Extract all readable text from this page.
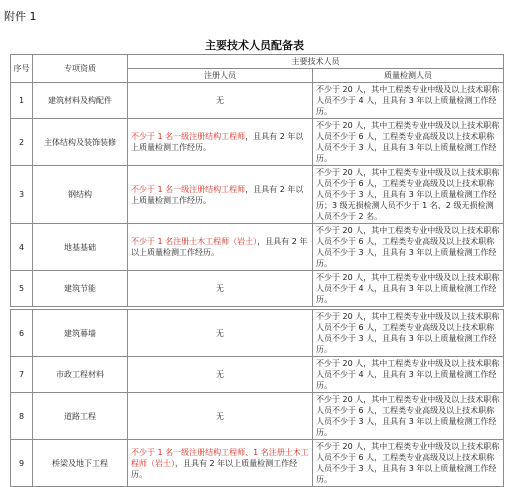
附件 1
主要技术人员配备表
序号	专项资质	主要技术人员	
		注册人员	质量检测人员
1	建筑材料及构配件	无	不少于 20 人，其中工程类专业中级及以上技术职称人员不少于 4 人，且具有 3 年以上质量检测工作经历。
2	主体结构及装饰装修	不少于 1 名一级注册结构工程师，且具有 2 年以上质量检测工作经历。	不少于 20 人，其中工程类专业中级及以上技术职称人员不少于 6 人，工程类专业高级及以上技术职称人员不少于 3 人，且具有 3 年以上质量检测工作经历。
3	钢结构	不少于 1 名一级注册结构工程师，且具有 2 年以上质量检测工作经历。	不少于 20 人，其中工程类专业中级及以上技术职称人员不少于 6 人，工程类专业高级及以上技术职称人员不少于 3 人，且具有 3 年以上质量检测工作经历；3 级无损检测人员不少于 1 名、2 级无损检测人员不少于 2 名。
4	地基基础	不少于 1 名注册土木工程师（岩土），且具有 2 年以上质量检测工作经历。	不少于 20 人，其中工程类专业中级及以上技术职称人员不少于 6 人，工程类专业高级及以上技术职称人员不少于 3 人，且具有 3 年以上质量检测工作经历。
5	建筑节能	无	不少于 20 人，其中工程类专业中级及以上技术职称人员不少于 4 人，且具有 3 年以上质量检测工作经历。
6	建筑幕墙	无	不少于 20 人，其中工程类专业中级及以上技术职称人员不少于 6 人，工程类专业高级及以上技术职称人员不少于 3 人，且具有 3 年以上质量检测工作经历。
7	市政工程材料	无	不少于 20 人，其中工程类专业中级及以上技术职称人员不少于 4 人，且具有 3 年以上质量检测工作经历。
8	道路工程	无	不少于 20 人，其中工程类专业中级及以上技术职称人员不少于 6 人，工程类专业高级及以上技术职称人员不少于 3 人，且具有 3 年以上质量检测工作经历。
9	桥梁及地下工程	不少于 1 名一级注册结构工程师、1 名注册土木工程师（岩土），且具有 2 年以上质量检测工作经历。	不少于 20 人，其中工程类专业中级及以上技术职称人员不少于 6 人，工程类专业高级及以上技术职称人员不少于 3 人，且具有 3 年以上质量检测工作经历。
